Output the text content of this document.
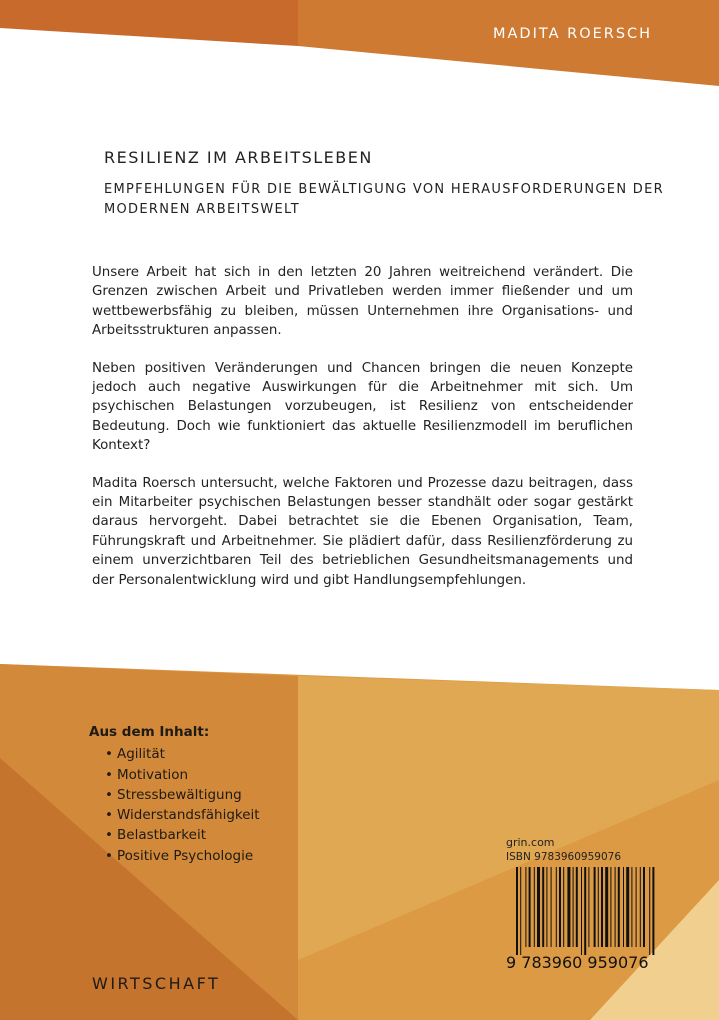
MADITA ROERSCH
RESILIENZ IM ARBEITSLEBEN
EMPFEHLUNGEN FÜR DIE BEWÄLTIGUNG VON HERAUSFORDERUNGEN DER MODERNEN ARBEITSWELT

Unsere Arbeit hat sich in den letzten 20 Jahren weitreichend verändert. Die Grenzen zwischen Arbeit und Privatleben werden immer fließender und um wettbewerbsfähig zu bleiben, müssen Unternehmen ihre Organisations- und Arbeitsstrukturen anpassen.

Neben positiven Veränderungen und Chancen bringen die neuen Konzepte jedoch auch negative Auswirkungen für die Arbeitnehmer mit sich. Um psychischen Belastungen vorzubeugen, ist Resilienz von entscheidender Bedeutung. Doch wie funktioniert das aktuelle Resilienzmodell im beruflichen Kontext?

Madita Roersch untersucht, welche Faktoren und Prozesse dazu beitragen, dass ein Mitarbeiter psychischen Belastungen besser standhält oder sogar gestärkt daraus hervorgeht. Dabei betrachtet sie die Ebenen Organisation, Team, Führungskraft und Arbeitnehmer. Sie plädiert dafür, dass Resilienzförderung zu einem unverzichtbaren Teil des betrieblichen Gesundheitsmanagements und der Personalentwicklung wird und gibt Handlungsempfehlungen.

Aus dem Inhalt:
• Agilität
• Motivation
• Stressbewältigung
• Widerstandsfähigkeit
• Belastbarkeit
• Positive Psychologie
WIRTSCHAFT
grin.com
ISBN 9783960959076
9 783960 959076
